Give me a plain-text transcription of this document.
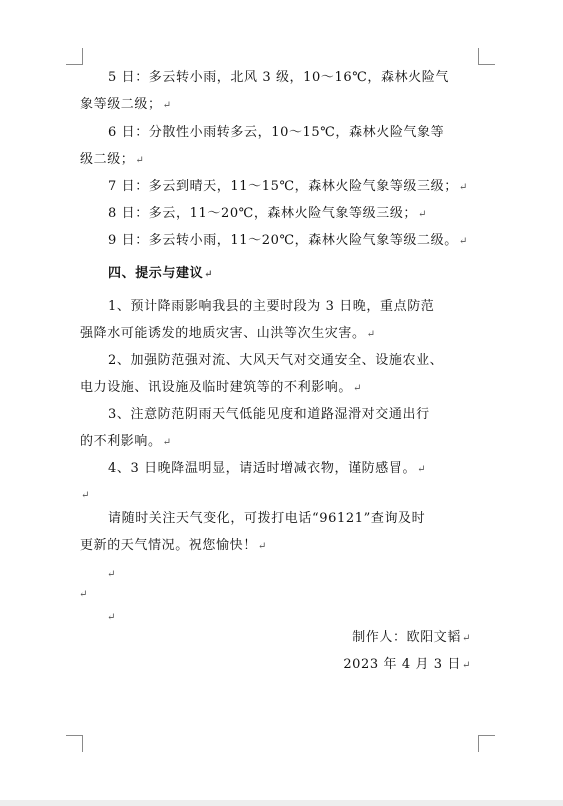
5 日：多云转小雨，北风 3 级，10～16℃，森林火险气
象等级二级；↵
6 日：分散性小雨转多云，10～15℃，森林火险气象等
级二级；↵
7 日：多云到晴天，11～15℃，森林火险气象等级三级；↵
8 日：多云，11～20℃，森林火险气象等级三级；↵
9 日：多云转小雨，11～20℃，森林火险气象等级二级。↵
四、提示与建议↵
1、预计降雨影响我县的主要时段为 3 日晚，重点防范
强降水可能诱发的地质灾害、山洪等次生灾害。↵
2、加强防范强对流、大风天气对交通安全、设施农业、
电力设施、讯设施及临时建筑等的不利影响。↵
3、注意防范阴雨天气低能见度和道路湿滑对交通出行
的不利影响。↵
4、3 日晚降温明显，请适时增减衣物，谨防感冒。↵
↵
请随时关注天气变化，可拨打电话“96121”查询及时
更新的天气情况。祝您愉快！↵
↵
↵
↵
制作人：欧阳文韬↵
2023 年 4 月 3 日↵
